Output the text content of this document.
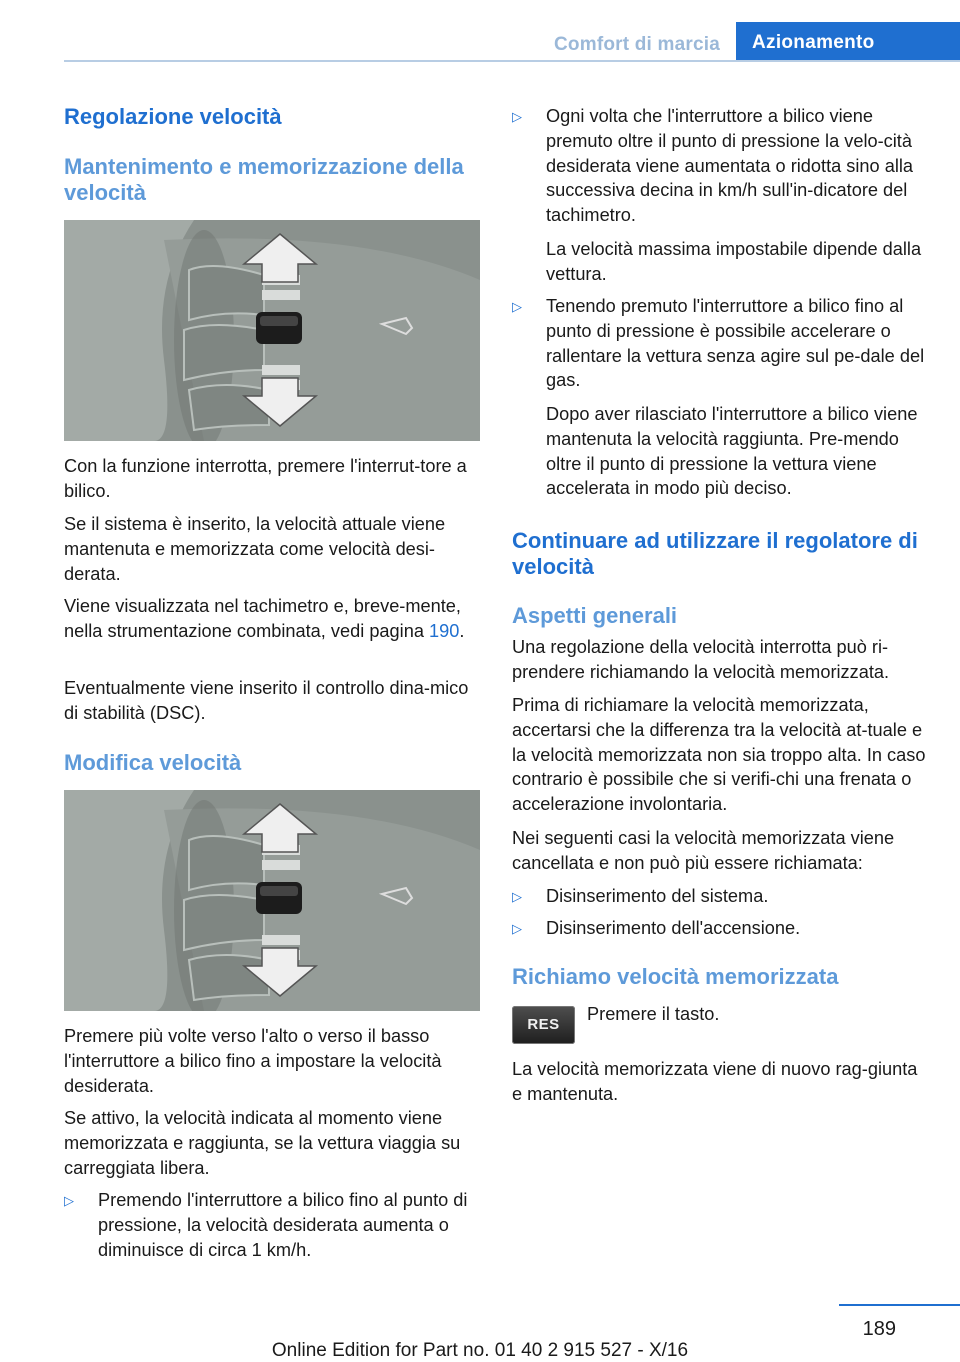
Comfort di marcia	Azionamento
Regolazione velocità
Mantenimento e memorizzazione della velocità
Con la funzione interrotta, premere l'interrut‐tore a bilico.
Se il sistema è inserito, la velocità attuale viene mantenuta e memorizzata come velocità desi‐derata.
Viene visualizzata nel tachimetro e, breve‐mente, nella strumentazione combinata, vedi pagina 190.
Eventualmente viene inserito il controllo dina‐mico di stabilità (DSC).
Modifica velocità
Premere più volte verso l'alto o verso il basso l'interruttore a bilico fino a impostare la velocità desiderata.
Se attivo, la velocità indicata al momento viene memorizzata e raggiunta, se la vettura viaggia su carreggiata libera.
▷ Premendo l'interruttore a bilico fino al punto di pressione, la velocità desiderata aumenta o diminuisce di circa 1 km/h.
▷ Ogni volta che l'interruttore a bilico viene premuto oltre il punto di pressione la velo‐cità desiderata viene aumentata o ridotta sino alla successiva decina in km/h sull'in‐dicatore del tachimetro.
La velocità massima impostabile dipende dalla vettura.
▷ Tenendo premuto l'interruttore a bilico fino al punto di pressione è possibile accelerare o rallentare la vettura senza agire sul pe‐dale del gas.
Dopo aver rilasciato l'interruttore a bilico viene mantenuta la velocità raggiunta. Pre‐mendo oltre il punto di pressione la vettura viene accelerata in modo più deciso.
Continuare ad utilizzare il regolatore di velocità
Aspetti generali
Una regolazione della velocità interrotta può ri‐prendere richiamando la velocità memorizzata.
Prima di richiamare la velocità memorizzata, accertarsi che la differenza tra la velocità at‐tuale e la velocità memorizzata non sia troppo alta. In caso contrario è possibile che si verifi‐chi una frenata o accelerazione involontaria.
Nei seguenti casi la velocità memorizzata viene cancellata e non può più essere richiamata:
▷ Disinserimento del sistema.
▷ Disinserimento dell'accensione.
Richiamo velocità memorizzata
RES
Premere il tasto.
La velocità memorizzata viene di nuovo rag‐giunta e mantenuta.
189
Online Edition for Part no. 01 40 2 915 527 - X/16
